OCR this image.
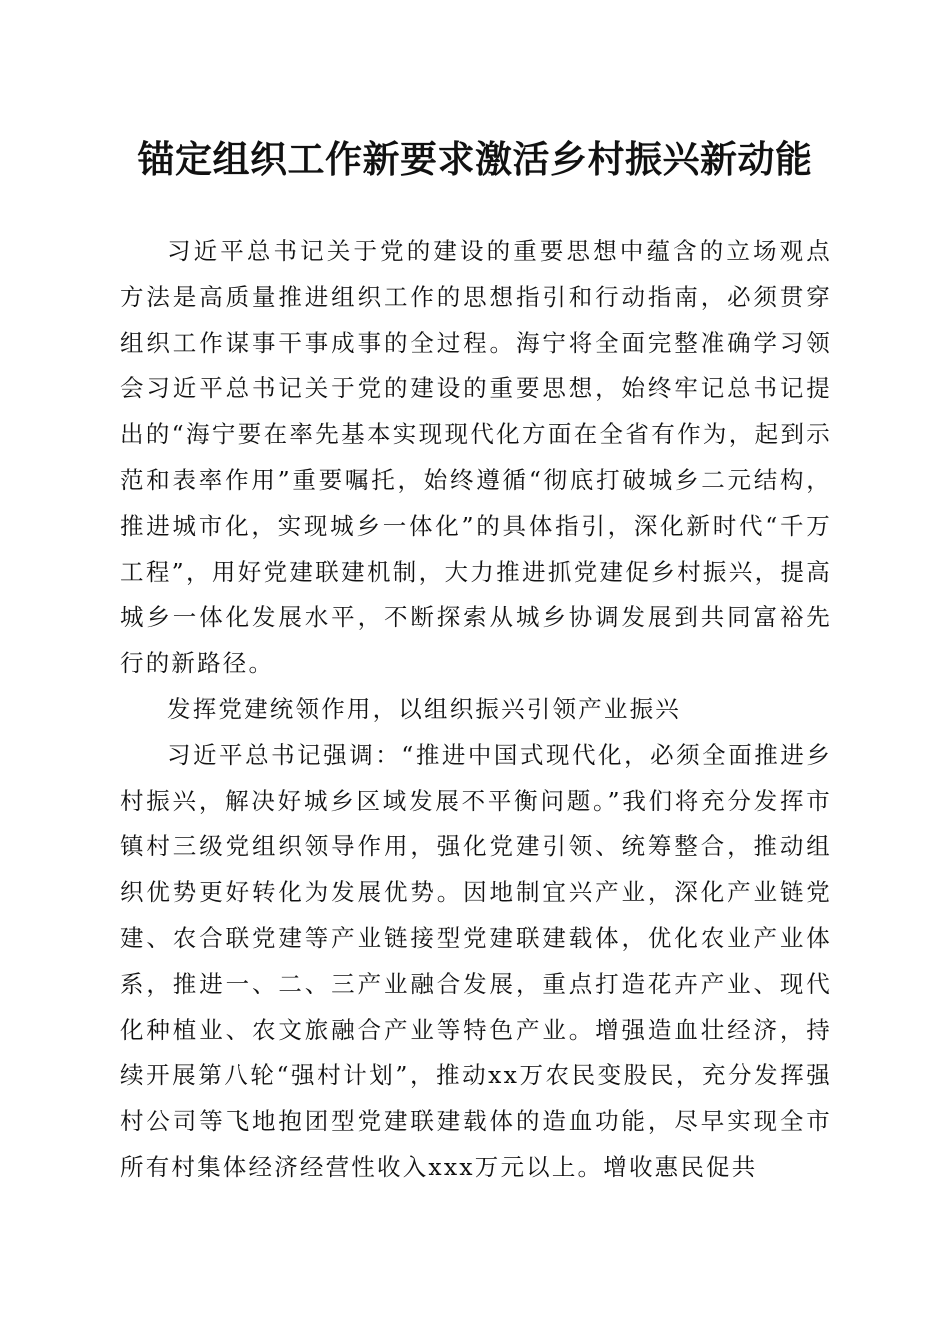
锚定组织工作新要求激活乡村振兴新动能

习近平总书记关于党的建设的重要思想中蕴含的立场观点方法是高质量推进组织工作的思想指引和行动指南，必须贯穿组织工作谋事干事成事的全过程。海宁将全面完整准确学习领会习近平总书记关于党的建设的重要思想，始终牢记总书记提出的“海宁要在率先基本实现现代化方面在全省有作为，起到示范和表率作用”重要嘱托，始终遵循“彻底打破城乡二元结构，推进城市化，实现城乡一体化”的具体指引，深化新时代“千万工程”，用好党建联建机制，大力推进抓党建促乡村振兴，提高城乡一体化发展水平，不断探索从城乡协调发展到共同富裕先行的新路径。

发挥党建统领作用，以组织振兴引领产业振兴

习近平总书记强调：“推进中国式现代化，必须全面推进乡村振兴，解决好城乡区域发展不平衡问题。”我们将充分发挥市镇村三级党组织领导作用，强化党建引领、统筹整合，推动组织优势更好转化为发展优势。因地制宜兴产业，深化产业链党建、农合联党建等产业链接型党建联建载体，优化农业产业体系，推进一、二、三产业融合发展，重点打造花卉产业、现代化种植业、农文旅融合产业等特色产业。增强造血壮经济，持续开展第八轮“强村计划”，推动xx万农民变股民，充分发挥强村公司等飞地抱团型党建联建载体的造血功能，尽早实现全市所有村集体经济经营性收入xxx万元以上。增收惠民促共
